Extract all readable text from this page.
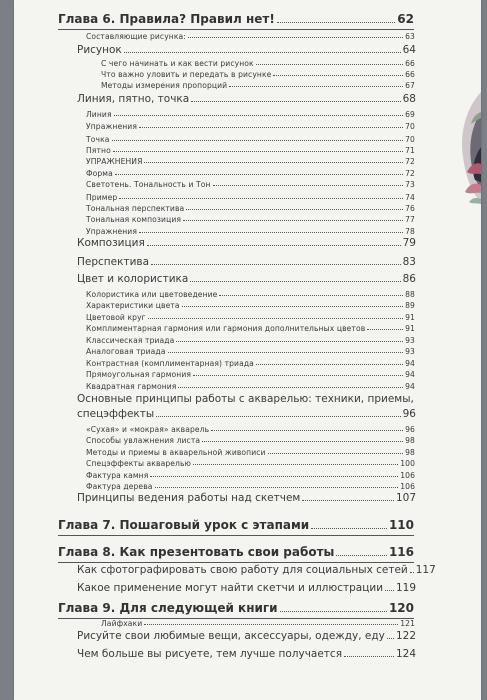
Глава 6. Правила? Правил нет!	62
Составляющие рисунка:	63
Рисунок	64
С чего начинать и как вести рисунок	66
Что важно уловить и передать в рисунке	66
Методы измерения пропорций	67
Линия, пятно, точка	68
Линия	69
Упражнения	70
Точка	70
Пятно	71
УПРАЖНЕНИЯ	72
Форма	72
Светотень. Тональность и Тон	73
Пример	74
Тональная перспектива	76
Тональная композиция	77
Упражнения	78
Композиция	79
Перспектива	83
Цвет и колористика	86
Колористика или цветоведение	88
Характеристики цвета	89
Цветовой круг	91
Комплиментарная гармония или гармония дополнительных цветов	91
Классическая триада	93
Аналоговая триада	93
Контрастная (комплиментарная) триада	94
Прямоугольная гармония	94
Квадратная гармония	94
Основные принципы работы с акварелью: техники, приемы,
спецэффекты	96
«Сухая» и «мокрая» акварель	96
Способы увлажнения листа	98
Методы и приемы в акварельной живописи	98
Спецэффекты акварелью	100
Фактура камня	106
Фактура дерева	106
Принципы ведения работы над скетчем	107
Глава 7. Пошаговый урок с этапами	110
Глава 8. Как презентовать свои работы	116
Как сфотографировать свою работу для социальных сетей 117
Какое применение могут найти скетчи и иллюстрации 119
Глава 9. Для следующей книги	120
Лайфхаки	121
Рисуйте свои любимые вещи, аксессуары, одежду, еду 122
Чем больше вы рисуете, тем лучше получается	124
